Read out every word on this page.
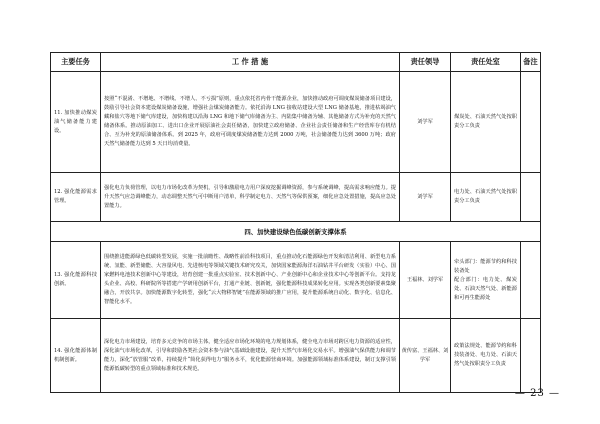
主要任务	工 作 措 施	责任领导	责任处室	备注

11. 加快推动煤炭油气储备能力建设。	按照“不混淆、不增地、不增线、不增人、不亏损”原则，重点依托省内骨干能源企业，加快推动政府可调度煤炭储备项目建设，鼓励引导社会资本建设煤炭储备设施，增强社会煤炭储备能力。依托沿海 LNG 接收站建设大型 LNG 储备基地，推进枯竭油气藏和盐穴等地下储气库建设，加快构建以沿海 LNG 和地下储气库储备为主、内陆集中储备为辅、其他储备方式为补充的天然气储备体系。推动原油加工、进出口企业开展原油社会责任储备，加快建立政府储备、企业社会责任储备和生产经营库存有机结合、互为补充的原油储备体系。到 2025 年，政府可调度煤炭储备能力达到 2000 万吨，社会储备能力达到 3600 万吨；政府天然气储备能力达到 5 天日均消费量。	刘学军	煤炭处、石油天然气处按职责分工负责	

12. 强化能源需求管理。	强化电力负荷管理，以电力市场化改革为契机，引导和激励电力用户深度挖掘调峰资源，参与系统调峰，提高需求响应能力。提升天然气应急调峰能力，动态调整天然气可中断用户清单，科学制定电力、天然气等保供预案，细化应急处置措施，提高应急处置能力。	刘学军	电力处、石油天然气处按职责分工负责	

四、加快建设绿色低碳创新支撑体系				

13. 强化能源科技创新。	围绕推进能源绿色低碳转型发展，实施一批前瞻性、战略性前沿科技项目，重点推动化石能源绿色开发和清洁利用、新型电力系统、氢能、新型储能、大容量风电、先进核电等领域关键技术研究攻关，加快国家能源海洋石油钻井平台研发（实验）中心、国家燃料电池技术创新中心等建设，培育创建一批重点实验室、技术创新中心、产业创新中心和企业技术中心等创新平台。支持龙头企业、高校、科研院所等搭建产学研用创新平台，打通产业链、创新链，强化能源科技成果转化应用。实现各类创新要素集聚融合，开放共享。加快能源数字化转型，强化“云大物移智链”在能源领域的推广应用，提升能源系统自动化、数字化、信息化、智能化水平。	王福林、刘学军	牵头部门：能源节约和科技装备处
配合部门：电力处、煤炭处、石油天然气处、新能源和可再生能源处	

14. 强化能源体制机制创新。	深化电力市场建设，培育多元竞争的市场主体，健全适应市场化环境的电力规划体系，健全电力市场对跨区电力资源的适应性，深化油气市场化改革，引导和鼓励各类社会资本参与油气基础设施建设，提升天然气市场化交易水平。增强油气保供能力和调节能力，深化“放管服”改革，持续提升“简化获得电力”服务水平，优化能源营商环境。加强能源领域标准体系建设，制订支撑引领能源低碳转型的重点领域标准和技术规范。	黄传富、王福林、刘学军	政策法规处、能源节约和科技装备处、电力处、石油天然气处按职责分工负责	

— 23 —
